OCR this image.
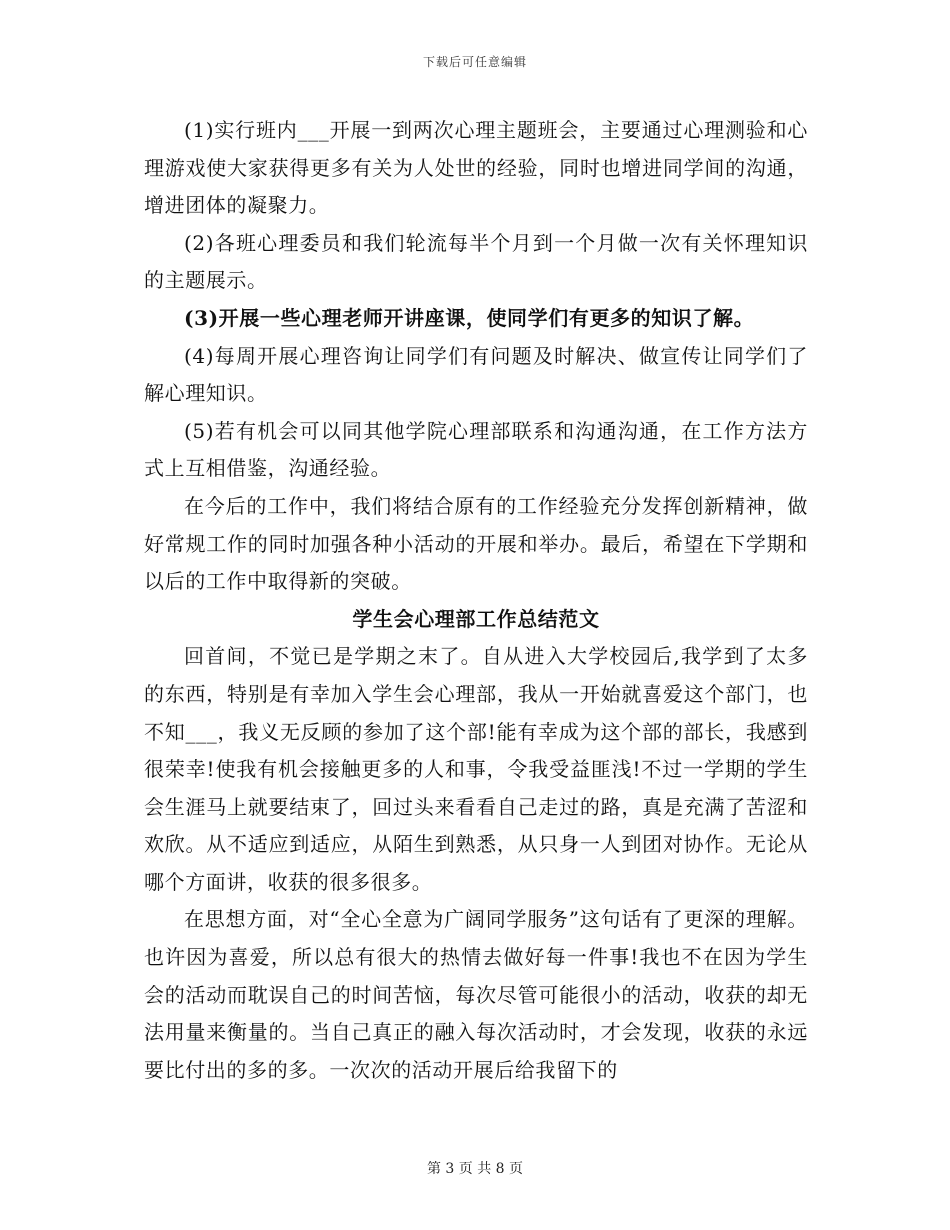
下载后可任意编辑

(1)实行班内___开展一到两次心理主题班会，主要通过心理测验和心理游戏使大家获得更多有关为人处世的经验，同时也增进同学间的沟通，增进团体的凝聚力。

(2)各班心理委员和我们轮流每半个月到一个月做一次有关怀理知识的主题展示。

(3)开展一些心理老师开讲座课，使同学们有更多的知识了解。

(4)每周开展心理咨询让同学们有问题及时解决、做宣传让同学们了解心理知识。

(5)若有机会可以同其他学院心理部联系和沟通沟通，在工作方法方式上互相借鉴，沟通经验。

在今后的工作中，我们将结合原有的工作经验充分发挥创新精神，做好常规工作的同时加强各种小活动的开展和举办。最后，希望在下学期和以后的工作中取得新的突破。

学生会心理部工作总结范文

回首间，不觉已是学期之末了。自从进入大学校园后,我学到了太多的东西，特别是有幸加入学生会心理部，我从一开始就喜爱这个部门，也不知___，我义无反顾的参加了这个部!能有幸成为这个部的部长，我感到很荣幸!使我有机会接触更多的人和事，令我受益匪浅!不过一学期的学生会生涯马上就要结束了，回过头来看看自己走过的路，真是充满了苦涩和欢欣。从不适应到适应，从陌生到熟悉，从只身一人到团对协作。无论从哪个方面讲，收获的很多很多。

在思想方面，对“全心全意为广阔同学服务”这句话有了更深的理解。也许因为喜爱，所以总有很大的热情去做好每一件事!我也不在因为学生会的活动而耽误自己的时间苦恼，每次尽管可能很小的活动，收获的却无法用量来衡量的。当自己真正的融入每次活动时，才会发现，收获的永远要比付出的多的多。一次次的活动开展后给我留下的

第 3 页 共 8 页
